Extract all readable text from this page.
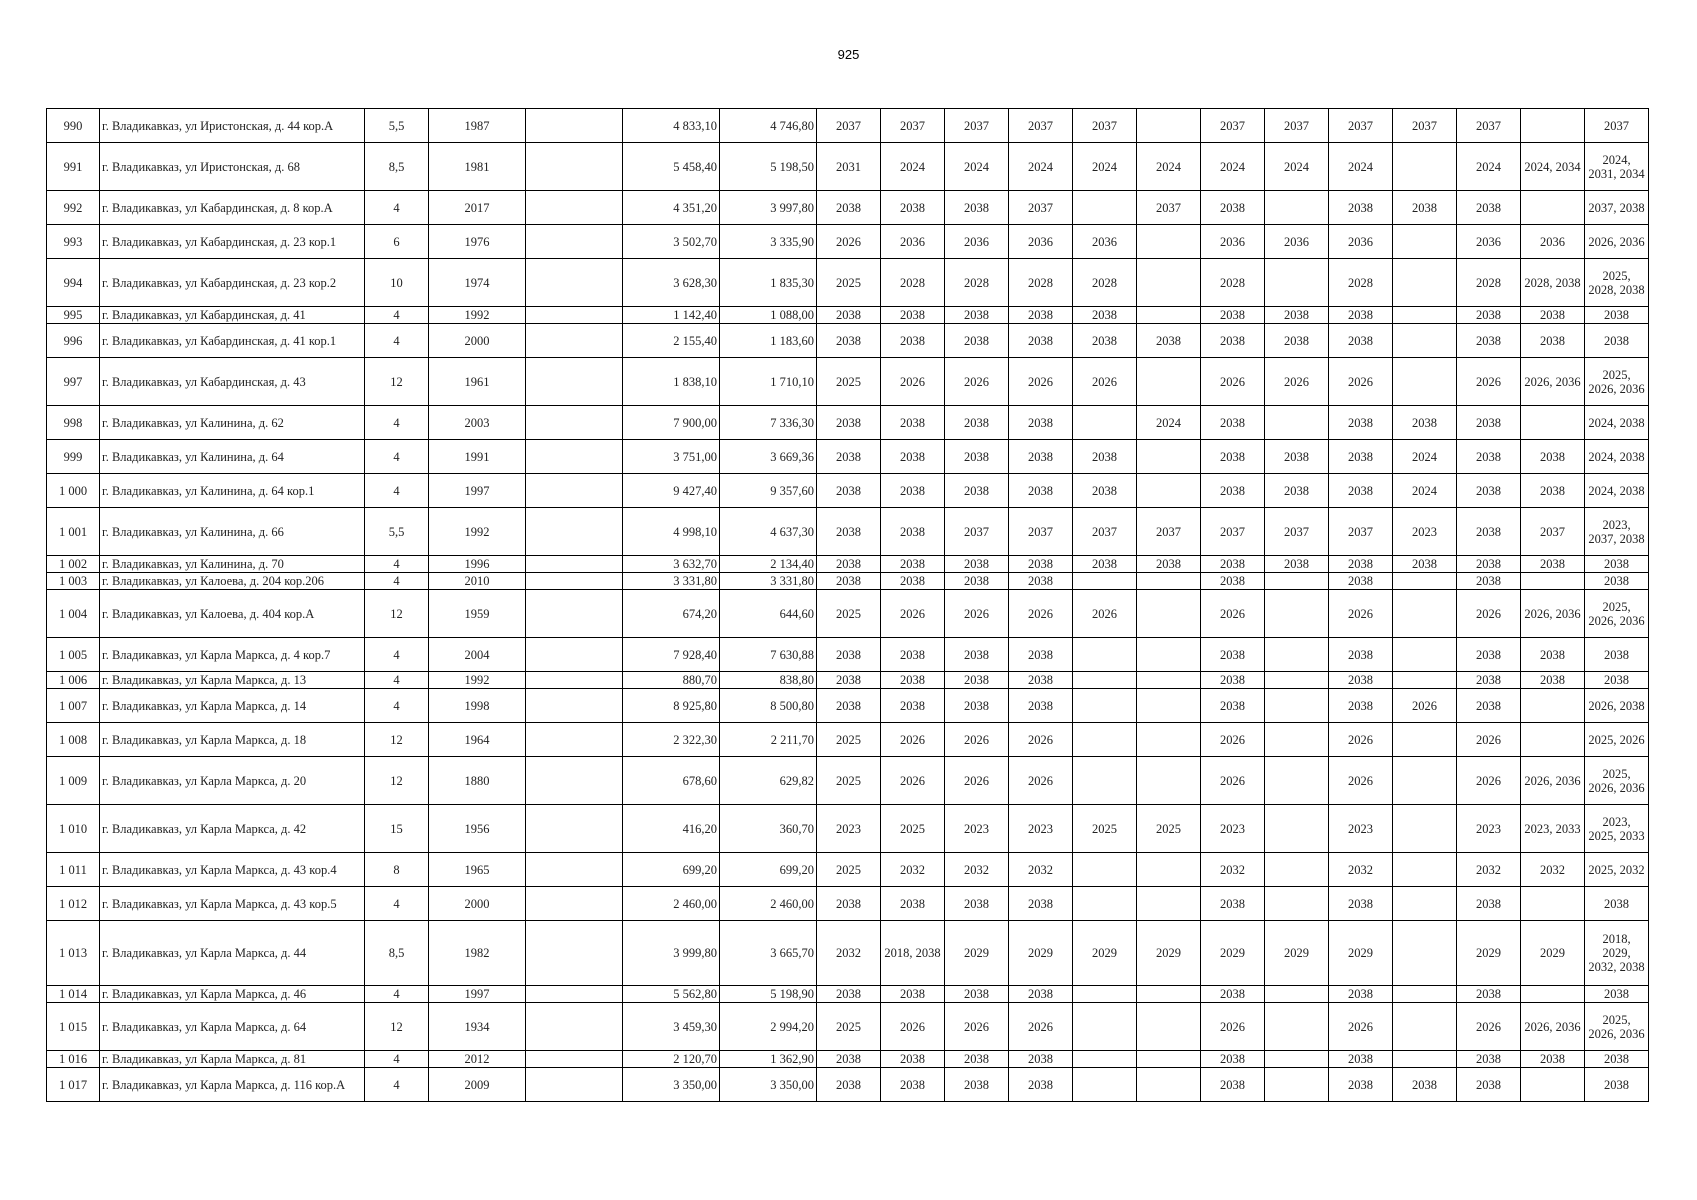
925
990	г. Владикавказ, ул Иристонская, д. 44 кор.А	5,5	1987		4 833,10	4 746,80	2037	2037	2037	2037	2037		2037	2037	2037	2037	2037		2037
991	г. Владикавказ, ул Иристонская, д. 68	8,5	1981		5 458,40	5 198,50	2031	2024	2024	2024	2024	2024	2024	2024	2024		2024	2024, 2034	2024, 2031, 2034
992	г. Владикавказ, ул Кабардинская, д. 8 кор.А	4	2017		4 351,20	3 997,80	2038	2038	2038	2037		2037	2038		2038	2038	2038		2037, 2038
993	г. Владикавказ, ул Кабардинская, д. 23 кор.1	6	1976		3 502,70	3 335,90	2026	2036	2036	2036	2036		2036	2036	2036		2036	2036	2026, 2036
994	г. Владикавказ, ул Кабардинская, д. 23 кор.2	10	1974		3 628,30	1 835,30	2025	2028	2028	2028	2028		2028		2028		2028	2028, 2038	2025, 2028, 2038
995	г. Владикавказ, ул Кабардинская, д. 41	4	1992		1 142,40	1 088,00	2038	2038	2038	2038	2038		2038	2038	2038		2038	2038	2038
996	г. Владикавказ, ул Кабардинская, д. 41 кор.1	4	2000		2 155,40	1 183,60	2038	2038	2038	2038	2038	2038	2038	2038	2038		2038	2038	2038
997	г. Владикавказ, ул Кабардинская, д. 43	12	1961		1 838,10	1 710,10	2025	2026	2026	2026	2026		2026	2026	2026		2026	2026, 2036	2025, 2026, 2036
998	г. Владикавказ, ул Калинина, д. 62	4	2003		7 900,00	7 336,30	2038	2038	2038	2038		2024	2038		2038	2038	2038		2024, 2038
999	г. Владикавказ, ул Калинина, д. 64	4	1991		3 751,00	3 669,36	2038	2038	2038	2038	2038		2038	2038	2038	2024	2038	2038	2024, 2038
1 000	г. Владикавказ, ул Калинина, д. 64 кор.1	4	1997		9 427,40	9 357,60	2038	2038	2038	2038	2038		2038	2038	2038	2024	2038	2038	2024, 2038
1 001	г. Владикавказ, ул Калинина, д. 66	5,5	1992		4 998,10	4 637,30	2038	2038	2037	2037	2037	2037	2037	2037	2037	2023	2038	2037	2023, 2037, 2038
1 002	г. Владикавказ, ул Калинина, д. 70	4	1996		3 632,70	2 134,40	2038	2038	2038	2038	2038	2038	2038	2038	2038	2038	2038	2038	2038
1 003	г. Владикавказ, ул Калоева, д. 204 кор.206	4	2010		3 331,80	3 331,80	2038	2038	2038	2038			2038		2038		2038		2038
1 004	г. Владикавказ, ул Калоева, д. 404 кор.А	12	1959		674,20	644,60	2025	2026	2026	2026	2026		2026		2026		2026	2026, 2036	2025, 2026, 2036
1 005	г. Владикавказ, ул Карла Маркса, д. 4 кор.7	4	2004		7 928,40	7 630,88	2038	2038	2038	2038			2038		2038		2038	2038	2038
1 006	г. Владикавказ, ул Карла Маркса, д. 13	4	1992		880,70	838,80	2038	2038	2038	2038			2038		2038		2038	2038	2038
1 007	г. Владикавказ, ул Карла Маркса, д. 14	4	1998		8 925,80	8 500,80	2038	2038	2038	2038			2038		2038	2026	2038		2026, 2038
1 008	г. Владикавказ, ул Карла Маркса, д. 18	12	1964		2 322,30	2 211,70	2025	2026	2026	2026			2026		2026		2026		2025, 2026
1 009	г. Владикавказ, ул Карла Маркса, д. 20	12	1880		678,60	629,82	2025	2026	2026	2026			2026		2026		2026	2026, 2036	2025, 2026, 2036
1 010	г. Владикавказ, ул Карла Маркса, д. 42	15	1956		416,20	360,70	2023	2025	2023	2023	2025	2025	2023		2023		2023	2023, 2033	2023, 2025, 2033
1 011	г. Владикавказ, ул Карла Маркса, д. 43 кор.4	8	1965		699,20	699,20	2025	2032	2032	2032			2032		2032		2032	2032	2025, 2032
1 012	г. Владикавказ, ул Карла Маркса, д. 43 кор.5	4	2000		2 460,00	2 460,00	2038	2038	2038	2038			2038		2038		2038		2038
1 013	г. Владикавказ, ул Карла Маркса, д. 44	8,5	1982		3 999,80	3 665,70	2032	2018, 2038	2029	2029	2029	2029	2029	2029	2029		2029	2029	2018, 2029, 2032, 2038
1 014	г. Владикавказ, ул Карла Маркса, д. 46	4	1997		5 562,80	5 198,90	2038	2038	2038	2038			2038		2038		2038		2038
1 015	г. Владикавказ, ул Карла Маркса, д. 64	12	1934		3 459,30	2 994,20	2025	2026	2026	2026			2026		2026		2026	2026, 2036	2025, 2026, 2036
1 016	г. Владикавказ, ул Карла Маркса, д. 81	4	2012		2 120,70	1 362,90	2038	2038	2038	2038			2038		2038		2038	2038	2038
1 017	г. Владикавказ, ул Карла Маркса, д. 116 кор.А	4	2009		3 350,00	3 350,00	2038	2038	2038	2038			2038		2038	2038	2038		2038
